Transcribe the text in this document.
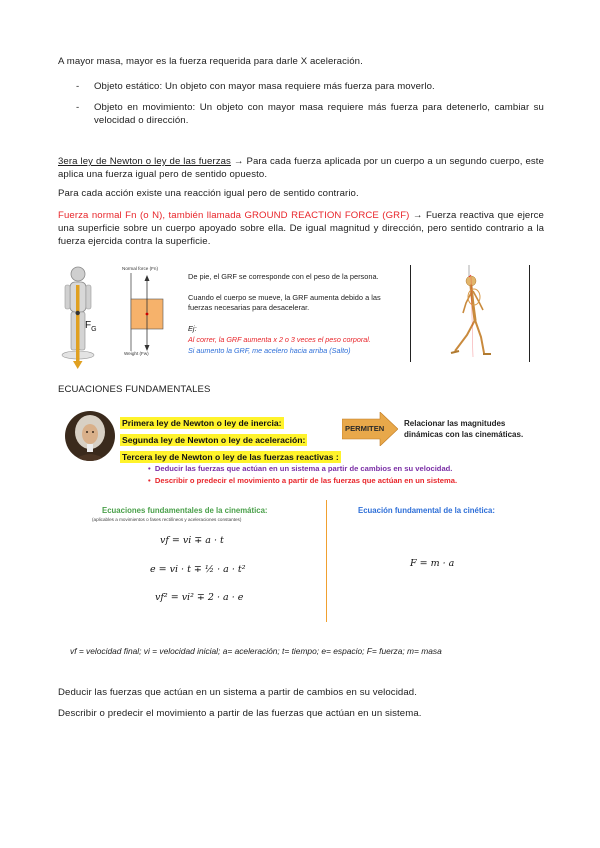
A mayor masa, mayor es la fuerza requerida para darle X aceleración.
- Objeto estático: Un objeto con mayor masa requiere más fuerza para moverlo.
- Objeto en movimiento: Un objeto con mayor masa requiere más fuerza para detenerlo, cambiar su velocidad o dirección.
3era ley de Newton o ley de las fuerzas → Para cada fuerza aplicada por un cuerpo a un segundo cuerpo, este aplica una fuerza igual pero de sentido opuesto.
Para cada acción existe una reacción igual pero de sentido contrario.
Fuerza normal Fn (o N), también llamada GROUND REACTION FORCE (GRF) → Fuerza reactiva que ejerce una superficie sobre un cuerpo apoyado sobre ella. De igual magnitud y dirección, pero sentido contrario a la fuerza ejercida contra la superficie.
$F_G$
Normal force (Fn)
Weight (Fw)
De pie, el GRF se corresponde con el peso de la persona.
Cuando el cuerpo se mueve, la GRF aumenta debido a las fuerzas necesarias para desacelerar.
Ej:
Al correr, la GRF aumenta x 2 o 3 veces el peso corporal.
Si aumento la GRF, me acelero hacia arriba (Salto)
ECUACIONES FUNDAMENTALES
Primera ley de Newton o ley de inercia:
Segunda ley de Newton o ley de aceleración:
Tercera ley de Newton o ley de las fuerzas reactivas :
PERMITEN
Relacionar las magnitudes dinámicas con las cinemáticas.
•  Deducir las fuerzas que actúan en un sistema a partir de cambios en su velocidad.
•  Describir o predecir el movimiento a partir de las fuerzas que actúan en un sistema.
Ecuaciones fundamentales de la cinemática:
(aplicables a movimientos o fases rectilíneos y aceleraciones constantes)
Ecuación fundamental de la cinética:
vf = vi ∓ a · t
e = vi · t ∓ ½ · a · t²
vf² = vi² ∓ 2 · a · e
F = m · a
vf = velocidad final; vi = velocidad inicial; a= aceleración; t= tiempo; e= espacio; F= fuerza; m= masa
Deducir las fuerzas que actúan en un sistema a partir de cambios en su velocidad.
Describir o predecir el movimiento a partir de las fuerzas que actúan en un sistema.
